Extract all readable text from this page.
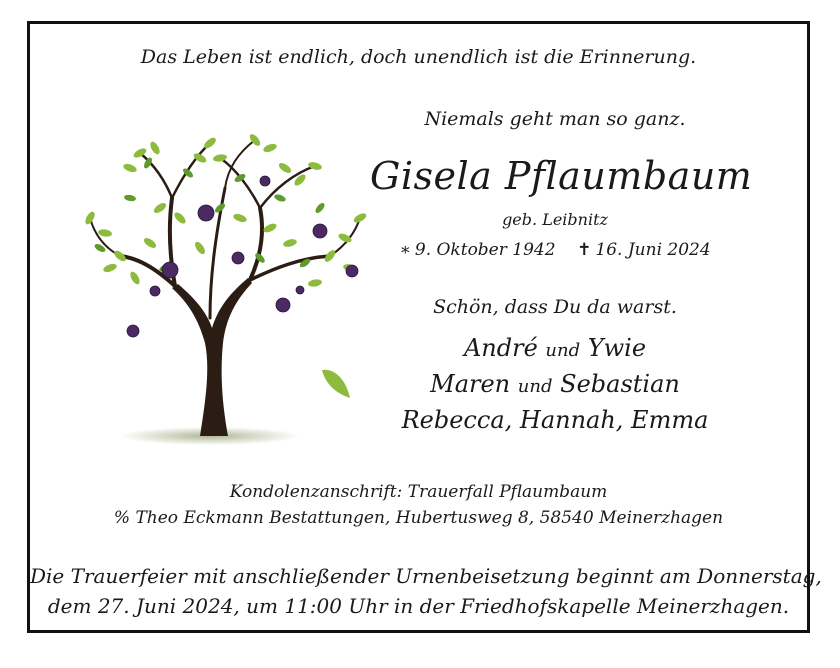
Das Leben ist endlich, doch unendlich ist die Erinnerung.
Niemals geht man so ganz.
Gisela Pflaumbaum
geb. Leibnitz
∗ 9. Oktober 1942 ✝ 16. Juni 2024
Schön, dass Du da warst.
André und Ywie
Maren und Sebastian
Rebecca, Hannah, Emma
Kondolenzanschrift: Trauerfall Pflaumbaum
% Theo Eckmann Bestattungen, Hubertusweg 8, 58540 Meinerzhagen
Die Trauerfeier mit anschließender Urnenbeisetzung beginnt am Donnerstag,
dem 27. Juni 2024, um 11:00 Uhr in der Friedhofskapelle Meinerzhagen.
